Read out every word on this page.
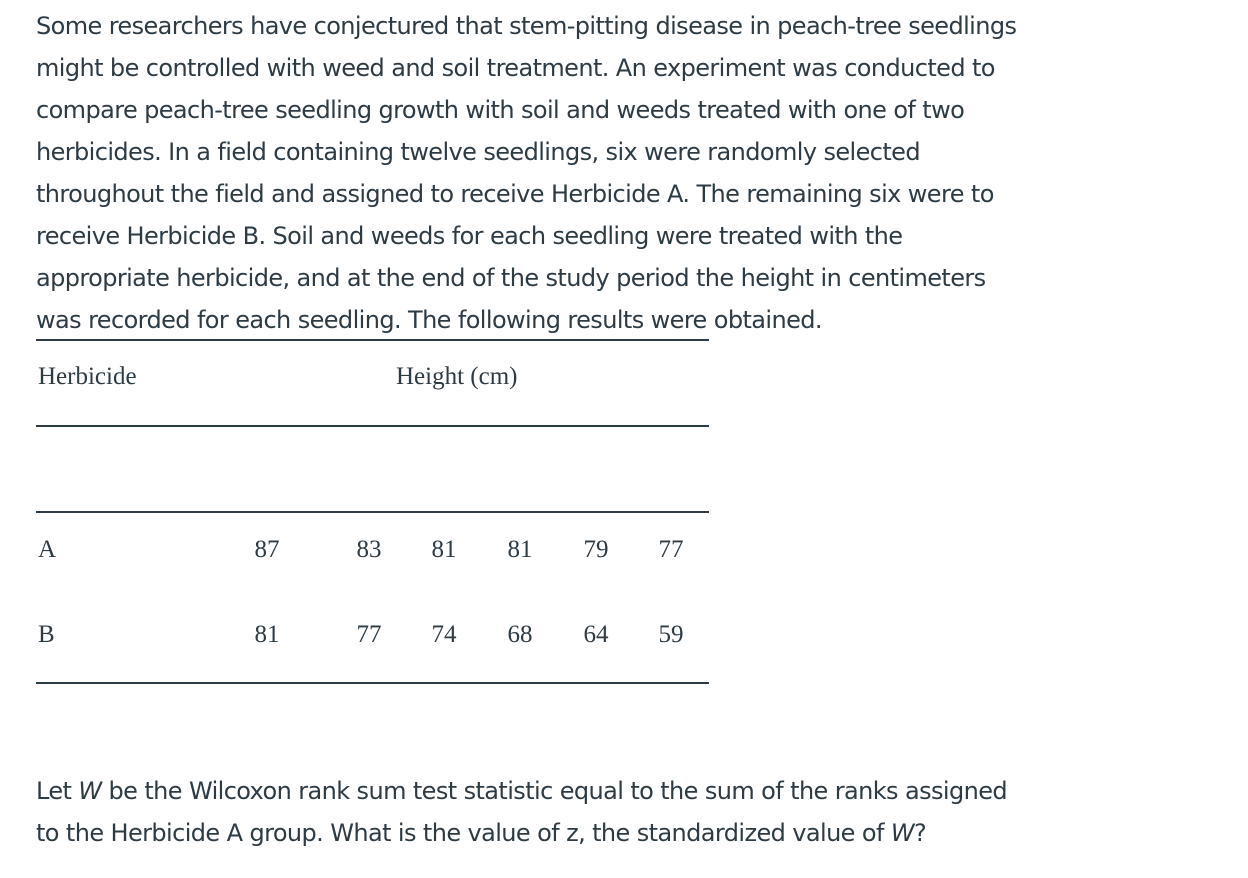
Some researchers have conjectured that stem-pitting disease in peach-tree seedlings
might be controlled with weed and soil treatment. An experiment was conducted to
compare peach-tree seedling growth with soil and weeds treated with one of two
herbicides. In a field containing twelve seedlings, six were randomly selected
throughout the field and assigned to receive Herbicide A. The remaining six were to
receive Herbicide B. Soil and weeds for each seedling were treated with the
appropriate herbicide, and at the end of the study period the height in centimeters
was recorded for each seedling. The following results were obtained.
Herbicide	Height (cm)
A	87	83	81	81	79	77
B	81	77	74	68	64	59
Let W be the Wilcoxon rank sum test statistic equal to the sum of the ranks assigned
to the Herbicide A group. What is the value of z, the standardized value of W?
